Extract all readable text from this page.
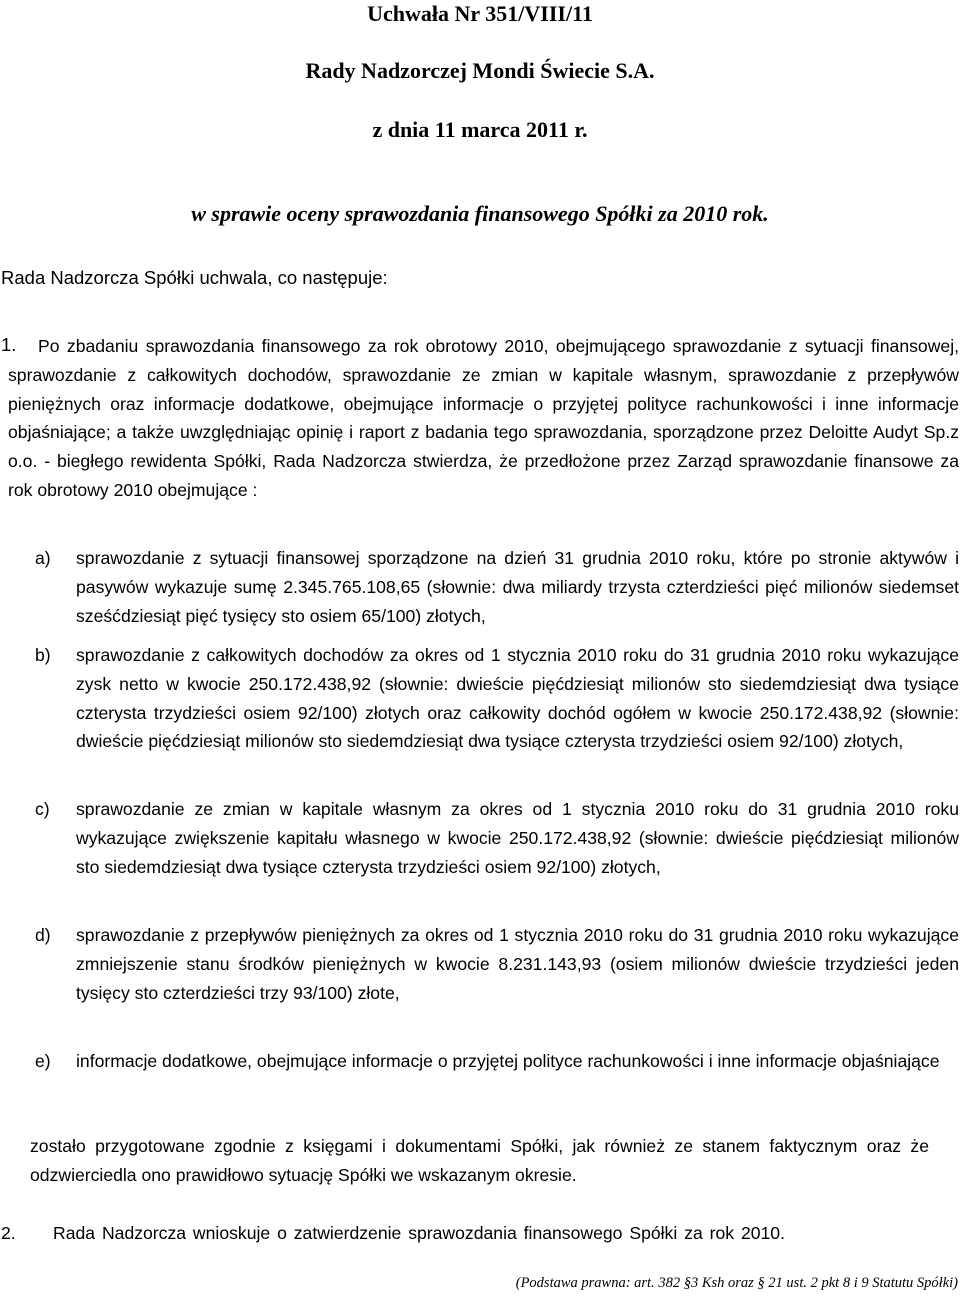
Uchwała Nr 351/VIII/11
Rady Nadzorczej Mondi Świecie S.A.
z dnia 11 marca 2011 r.
w sprawie oceny sprawozdania finansowego Spółki za 2010 rok.
Rada Nadzorcza Spółki uchwala, co następuje:
1.	Po zbadaniu sprawozdania finansowego za rok obrotowy 2010, obejmującego sprawozdanie z sytuacji finansowej, sprawozdanie z całkowitych dochodów, sprawozdanie ze zmian w kapitale własnym, sprawozdanie z przepływów pieniężnych oraz informacje dodatkowe, obejmujące informacje o przyjętej polityce rachunkowości i inne informacje objaśniające; a także uwzględniając opinię i raport z badania tego sprawozdania, sporządzone przez Deloitte Audyt Sp.z o.o. - biegłego rewidenta Spółki, Rada Nadzorcza stwierdza, że przedłożone przez Zarząd sprawozdanie finansowe za rok obrotowy 2010 obejmujące :

a) sprawozdanie z sytuacji finansowej sporządzone na dzień 31 grudnia 2010 roku, które po stronie aktywów i pasywów wykazuje sumę 2.345.765.108,65 (słownie: dwa miliardy trzysta czterdzieści pięć milionów siedemset sześćdziesiąt pięć tysięcy sto osiem 65/100) złotych,
b) sprawozdanie z całkowitych dochodów za okres od 1 stycznia 2010 roku do 31 grudnia 2010 roku wykazujące zysk netto w kwocie 250.172.438,92 (słownie: dwieście pięćdziesiąt milionów sto siedemdziesiąt dwa tysiące czterysta trzydzieści osiem 92/100) złotych oraz całkowity dochód ogółem w kwocie 250.172.438,92 (słownie: dwieście pięćdziesiąt milionów sto siedemdziesiąt dwa tysiące czterysta trzydzieści osiem 92/100) złotych,
c) sprawozdanie ze zmian w kapitale własnym za okres od 1 stycznia 2010 roku do 31 grudnia 2010 roku wykazujące zwiększenie kapitału własnego w kwocie 250.172.438,92 (słownie: dwieście pięćdziesiąt milionów sto siedemdziesiąt dwa tysiące czterysta trzydzieści osiem 92/100) złotych,
d) sprawozdanie z przepływów pieniężnych za okres od 1 stycznia 2010 roku do 31 grudnia 2010 roku wykazujące zmniejszenie stanu środków pieniężnych w kwocie 8.231.143,93 (osiem milionów dwieście trzydzieści jeden tysięcy sto czterdzieści trzy 93/100) złote,
e) informacje dodatkowe, obejmujące informacje o przyjętej polityce rachunkowości i inne informacje objaśniające

zostało przygotowane zgodnie z księgami i dokumentami Spółki, jak również ze stanem faktycznym oraz że odzwierciedla ono prawidłowo sytuację Spółki we wskazanym okresie.

2. Rada Nadzorcza wnioskuje o zatwierdzenie sprawozdania finansowego Spółki za rok 2010.
(Podstawa prawna: art. 382 §3 Ksh oraz § 21 ust. 2 pkt 8 i 9 Statutu Spółki)
